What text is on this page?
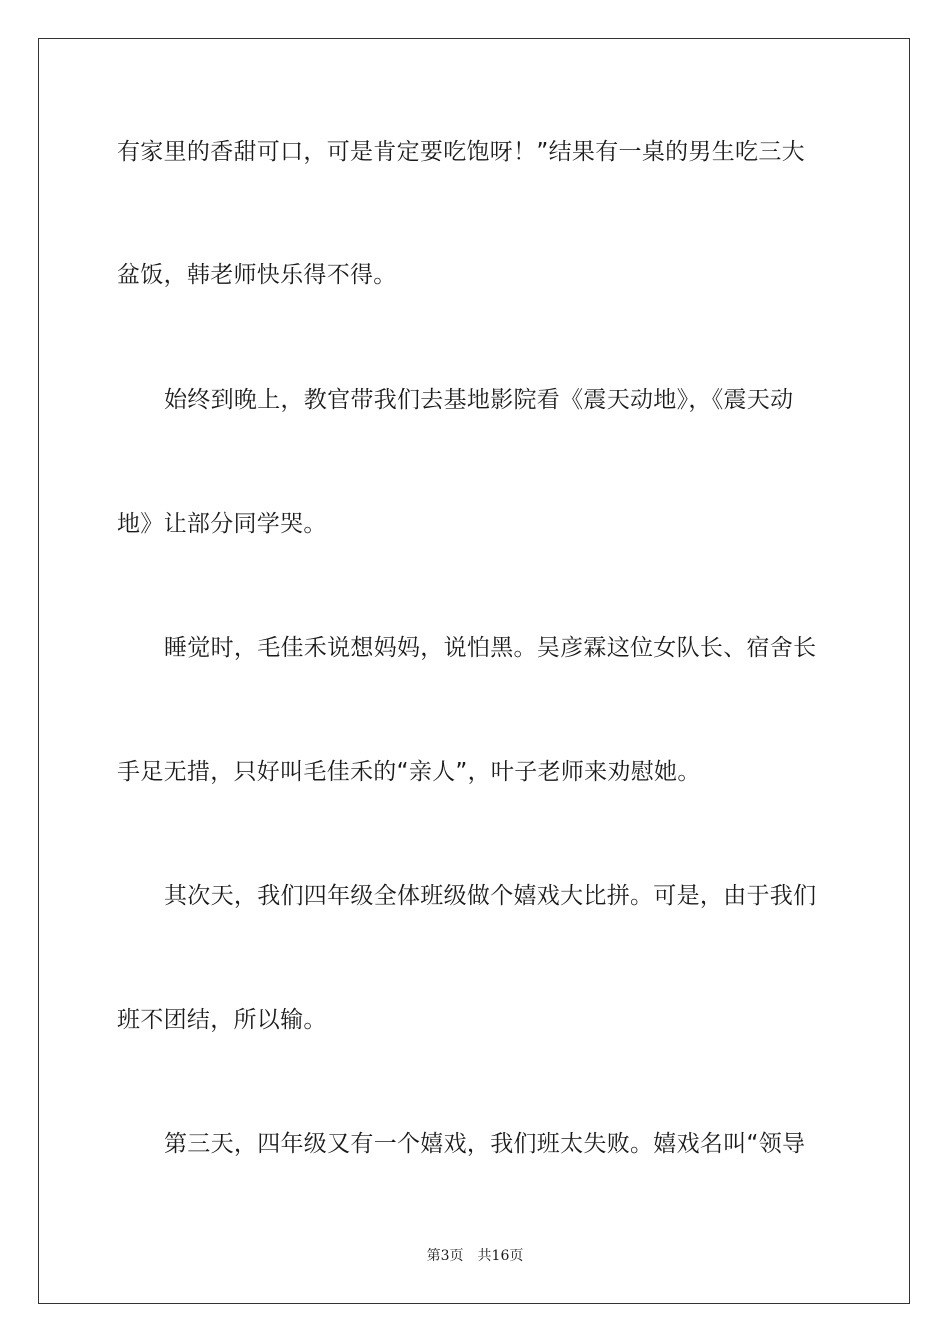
有家里的香甜可口，可是肯定要吃饱呀！”结果有一桌的男生吃三大
盆饭，韩老师快乐得不得。
始终到晚上，教官带我们去基地影院看《震天动地》，《震天动
地》让部分同学哭。
睡觉时，毛佳禾说想妈妈，说怕黑。吴彦霖这位女队长、宿舍长
手足无措，只好叫毛佳禾的“亲人”，叶子老师来劝慰她。
其次天，我们四年级全体班级做个嬉戏大比拼。可是，由于我们
班不团结，所以输。
第三天，四年级又有一个嬉戏，我们班太失败。嬉戏名叫“领导
第3页 共16页
